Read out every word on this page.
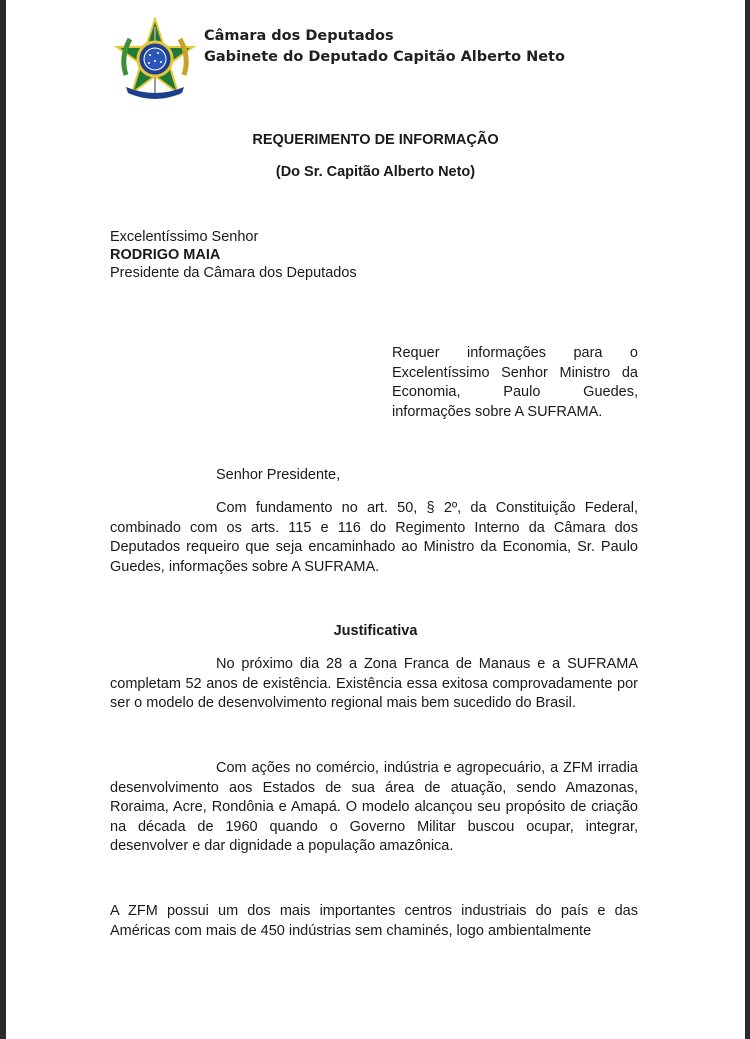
Câmara dos Deputados
Gabinete do Deputado Capitão Alberto Neto
REQUERIMENTO DE INFORMAÇÃO
(Do Sr. Capitão Alberto Neto)
Excelentíssimo Senhor
RODRIGO MAIA
Presidente da Câmara dos Deputados
Requer informações para o Excelentíssimo Senhor Ministro da Economia, Paulo Guedes, informações sobre A SUFRAMA.
Senhor Presidente,
Com fundamento no art. 50, § 2º, da Constituição Federal, combinado com os arts. 115 e 116 do Regimento Interno da Câmara dos Deputados requeiro que seja encaminhado ao Ministro da Economia, Sr. Paulo Guedes, informações sobre A SUFRAMA.
Justificativa
No próximo dia 28 a Zona Franca de Manaus e a SUFRAMA completam 52 anos de existência. Existência essa exitosa comprovadamente por ser o modelo de desenvolvimento regional mais bem sucedido do Brasil.
Com ações no comércio, indústria e agropecuário, a ZFM irradia desenvolvimento aos Estados de sua área de atuação, sendo Amazonas, Roraima, Acre, Rondônia e Amapá. O modelo alcançou seu propósito de criação na década de 1960 quando o Governo Militar buscou ocupar, integrar, desenvolver e dar dignidade a população amazônica.
A ZFM possui um dos mais importantes centros industriais do país e das Américas com mais de 450 indústrias sem chaminés, logo ambientalmente
